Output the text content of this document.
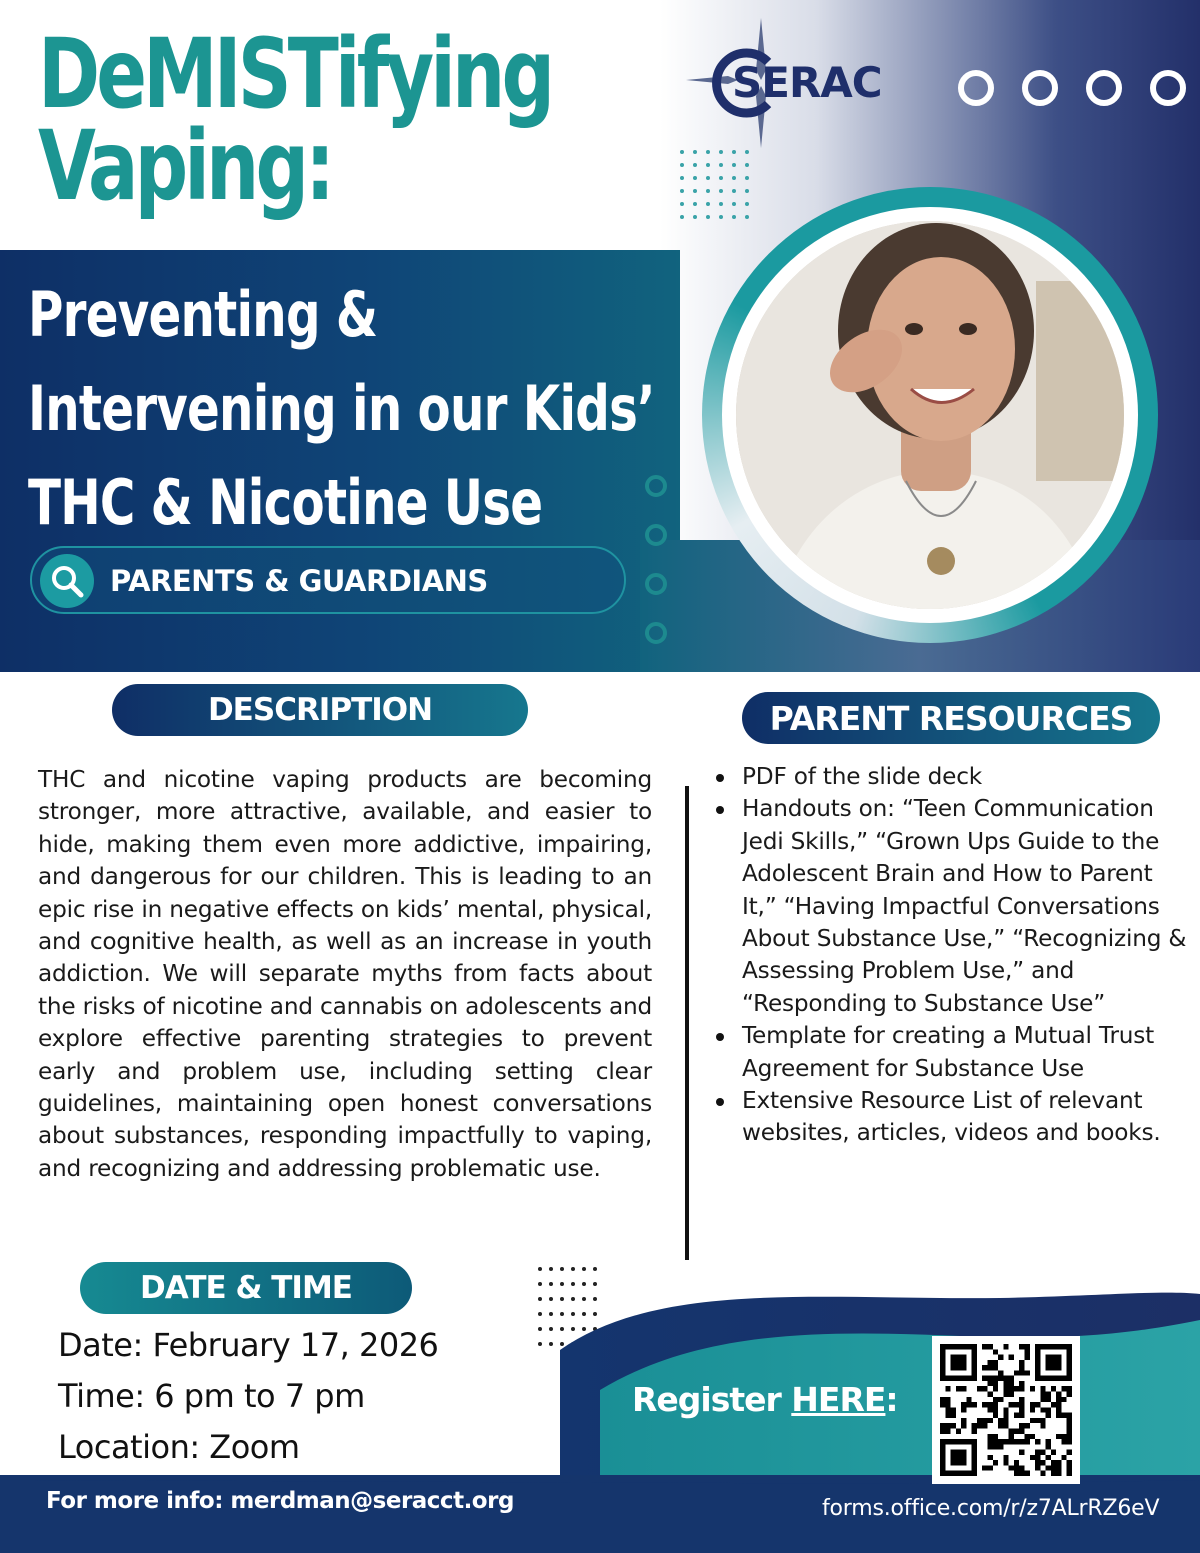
DeMISTifying
Vaping:
Preventing &
Intervening in our Kids’
THC & Nicotine Use
PARENTS & GUARDIANS
SERAC
DESCRIPTION

THC and nicotine vaping products are becoming stronger, more attractive, available, and easier to hide, making them even more addictive, impairing, and dangerous for our children. This is leading to an epic rise in negative effects on kids’ mental, physical, and cognitive health, as well as an increase in youth addiction. We will separate myths from facts about the risks of nicotine and cannabis on adolescents and explore effective parenting strategies to prevent early and problem use, including setting clear guidelines, maintaining open honest conversations about substances, responding impactfully to vaping, and recognizing and addressing problematic use.

PARENT RESOURCES
PDF of the slide deck
Handouts on: “Teen Communication Jedi Skills,” “Grown Ups Guide to the Adolescent Brain and How to Parent It,” “Having Impactful Conversations About Substance Use,” “Recognizing & Assessing Problem Use,” and “Responding to Substance Use”
Template for creating a Mutual Trust Agreement for Substance Use
Extensive Resource List of relevant websites, articles, videos and books.
DATE & TIME
Date: February 17, 2026
Time: 6 pm to 7 pm
Location: Zoom
Register HERE:
For more info: merdman@seracct.org	forms.office.com/r/z7ALrRZ6eV
